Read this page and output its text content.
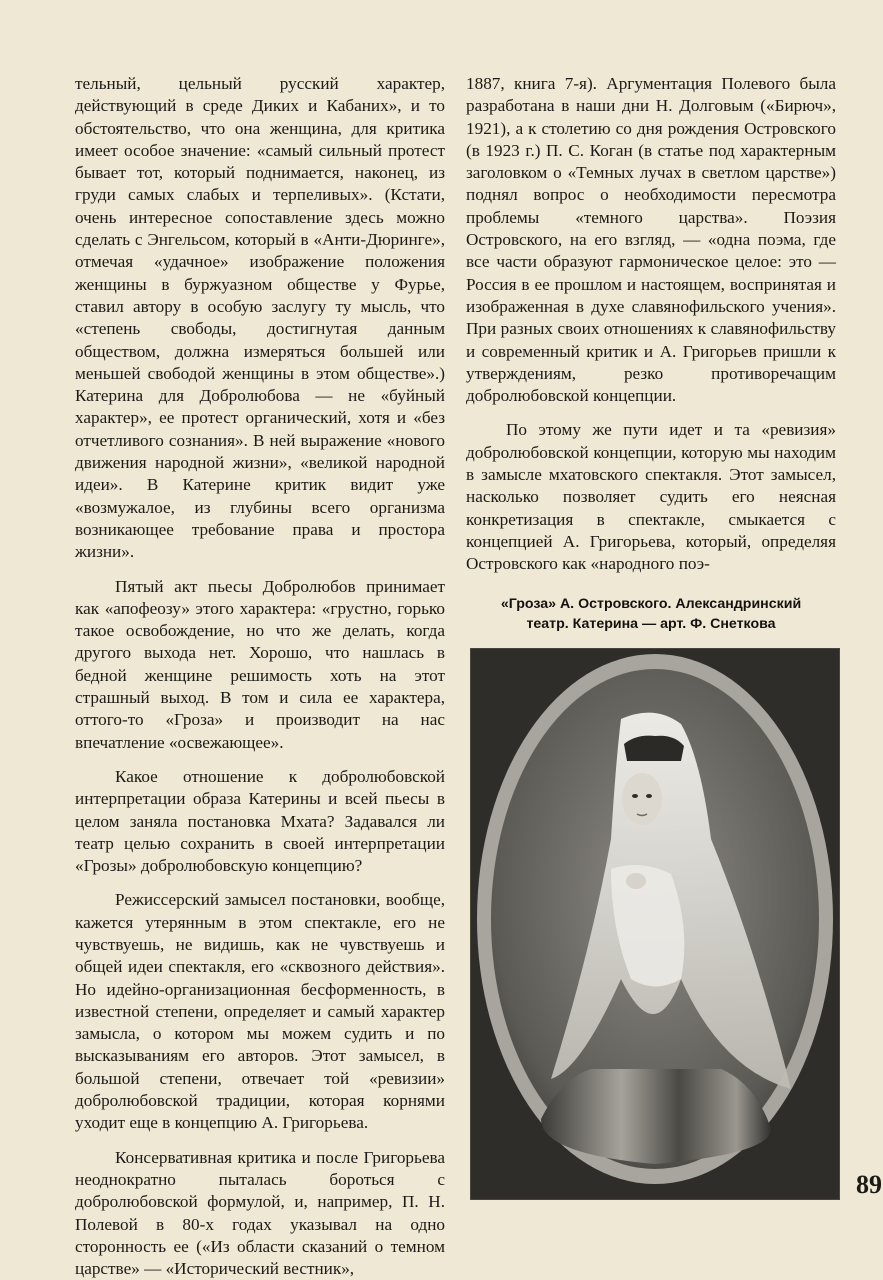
тельный, цельный русский характер, действующий в среде Диких и Кабаних», и то обстоятельство, что она женщина, для критика имеет особое значение: «самый сильный протест бывает тот, который поднимается, наконец, из груди самых слабых и терпеливых». (Кстати, очень интересное сопоставление здесь можно сделать с Энгельсом, который в «Анти-Дюринге», отмечая «удачное» изображение положения женщины в буржуазном обществе у Фурье, ставил автору в особую заслугу ту мысль, что «степень свободы, достигнутая данным обществом, должна измеряться большей или меньшей свободой женщины в этом обществе».) Катерина для Добролюбова — не «буйный характер», ее протест органический, хотя и «без отчетливого сознания». В ней выражение «нового движения народной жизни», «великой народной идеи». В Катерине критик видит уже «возмужалое, из глубины всего организма возникающее требование права и простора жизни».

Пятый акт пьесы Добролюбов принимает как «апофеозу» этого характера: «грустно, горько такое освобождение, но что же делать, когда другого выхода нет. Хорошо, что нашлась в бедной женщине решимость хоть на этот страшный выход. В том и сила ее характера, оттого-то «Гроза» и производит на нас впечатление «освежающее».

Какое отношение к добролюбовской интерпретации образа Катерины и всей пьесы в целом заняла постановка Мхата? Задавался ли театр целью сохранить в своей интерпретации «Грозы» добролюбовскую концепцию?

Режиссерский замысел постановки, вообще, кажется утерянным в этом спектакле, его не чувствуешь, не видишь, как не чувствуешь и общей идеи спектакля, его «сквозного действия». Но идейно-организационная бесформенность, в известной степени, определяет и самый характер замысла, о котором мы можем судить и по высказываниям его авторов. Этот замысел, в большой степени, отвечает той «ревизии» добролюбовской традиции, которая корнями уходит еще в концепцию А. Григорьева.

Консервативная критика и после Григорьева неоднократно пыталась бороться с добролюбовской формулой, и, например, П. Н. Полевой в 80-х годах указывал на одно сторонность ее («Из области сказаний о темном царстве» — «Исторический вестник»,

1887, книга 7-я). Аргументация Полевого была разработана в наши дни Н. Долговым («Бирюч», 1921), а к столетию со дня рождения Островского (в 1923 г.) П. С. Коган (в статье под характерным заголовком о «Темных лучах в светлом царстве») поднял вопрос о необходимости пересмотра проблемы «темного царства». Поэзия Островского, на его взгляд, — «одна поэма, где все части образуют гармоническое целое: это — Россия в ее прошлом и настоящем, воспринятая и изображенная в духе славянофильского учения». При разных своих отношениях к славянофильству и современный критик и А. Григорьев пришли к утверждениям, резко противоречащим добролюбовской концепции.

По этому же пути идет и та «ревизия» добролюбовской концепции, которую мы находим в замысле мхатовского спектакля. Этот замысел, насколько позволяет судить его неясная конкретизация в спектакле, смыкается с концепцией А. Григорьева, который, определяя Островского как «народного поэ-

«Гроза» А. Островского. Александринский
театр. Катерина — арт. Ф. Снеткова
89
